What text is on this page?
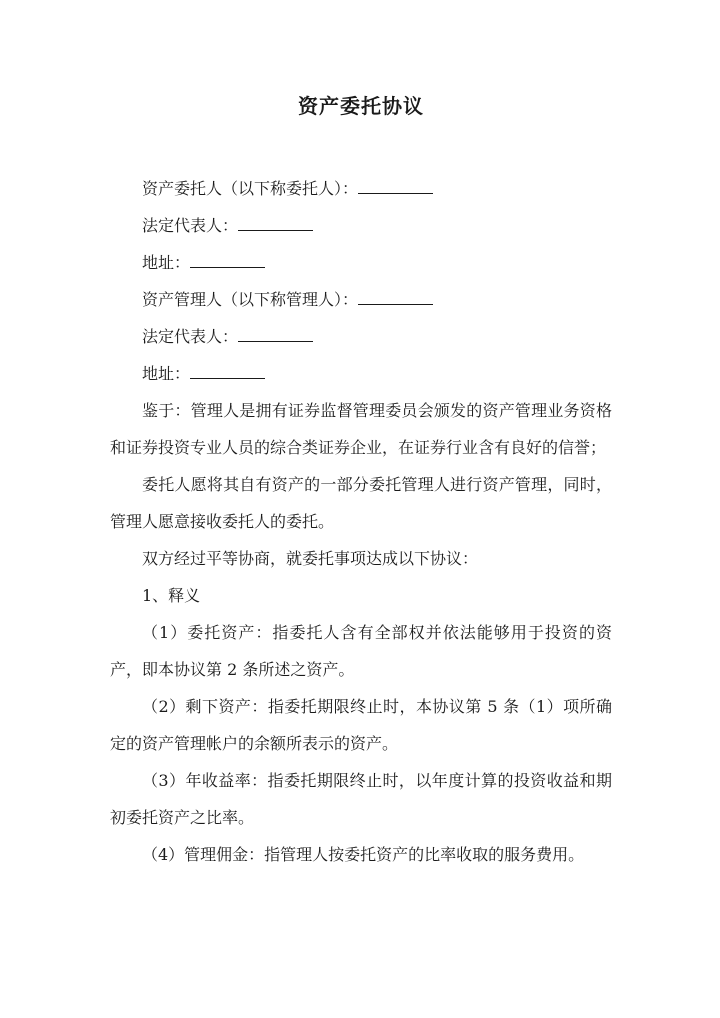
资产委托协议

资产委托人（以下称委托人）：

法定代表人：

地址：

资产管理人（以下称管理人）：

法定代表人：

地址：

鉴于：管理人是拥有证券监督管理委员会颁发的资产管理业务资格和证券投资专业人员的综合类证券企业，在证券行业含有良好的信誉；

委托人愿将其自有资产的一部分委托管理人进行资产管理，同时，管理人愿意接收委托人的委托。

双方经过平等协商，就委托事项达成以下协议：

1、释义

（1）委托资产：指委托人含有全部权并依法能够用于投资的资产，即本协议第 2 条所述之资产。

（2）剩下资产：指委托期限终止时，本协议第 5 条（1）项所确定的资产管理帐户的余额所表示的资产。

（3）年收益率：指委托期限终止时，以年度计算的投资收益和期初委托资产之比率。

（4）管理佣金：指管理人按委托资产的比率收取的服务费用。
